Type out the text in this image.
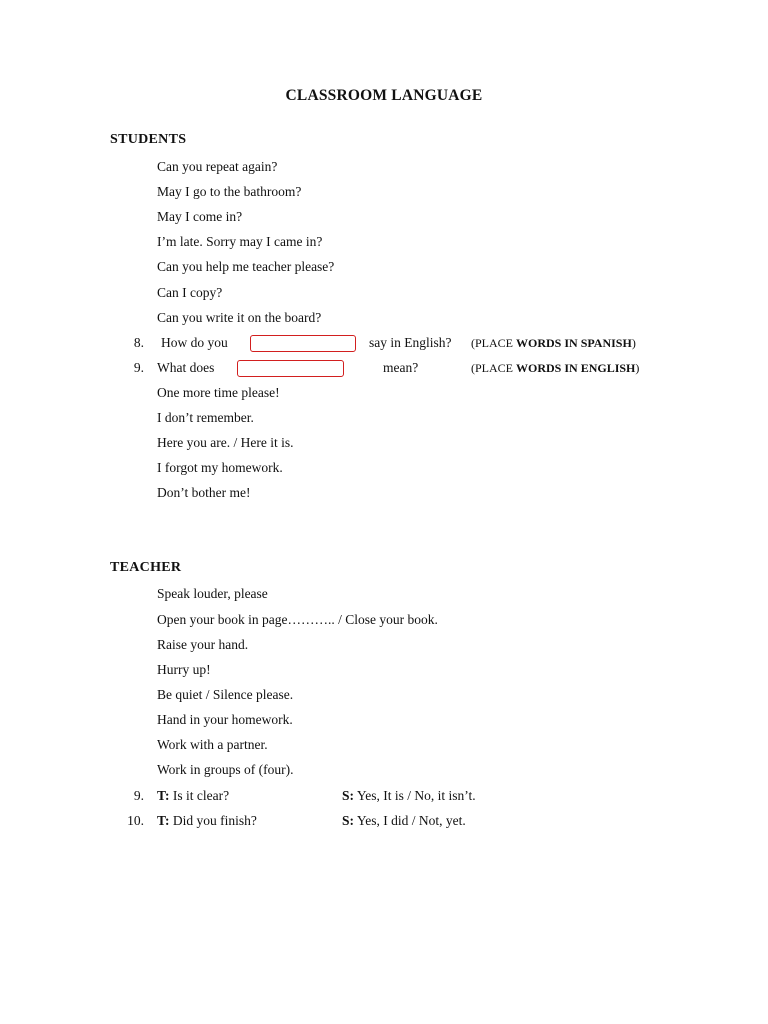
CLASSROOM LANGUAGE
STUDENTS
Can you repeat again?
May I go to the bathroom?
May I come in?
I’m late. Sorry may I came in?
Can you help me teacher please?
Can I copy?
Can you write it on the board?
8. How do you	say in English? (PLACE WORDS IN SPANISH)
9. What does	mean?	(PLACE WORDS IN ENGLISH)
One more time please!
I don’t remember.
Here you are. / Here it is.
I forgot my homework.
Don’t bother me!
TEACHER
Speak louder, please
Open your book in page……….. / Close your book.
Raise your hand.
Hurry up!
Be quiet / Silence please.
Hand in your homework.
Work with a partner.
Work in groups of (four).
9. T: Is it clear?	S: Yes, It is / No, it isn’t.
10. T: Did you finish?	S: Yes, I did / Not, yet.
